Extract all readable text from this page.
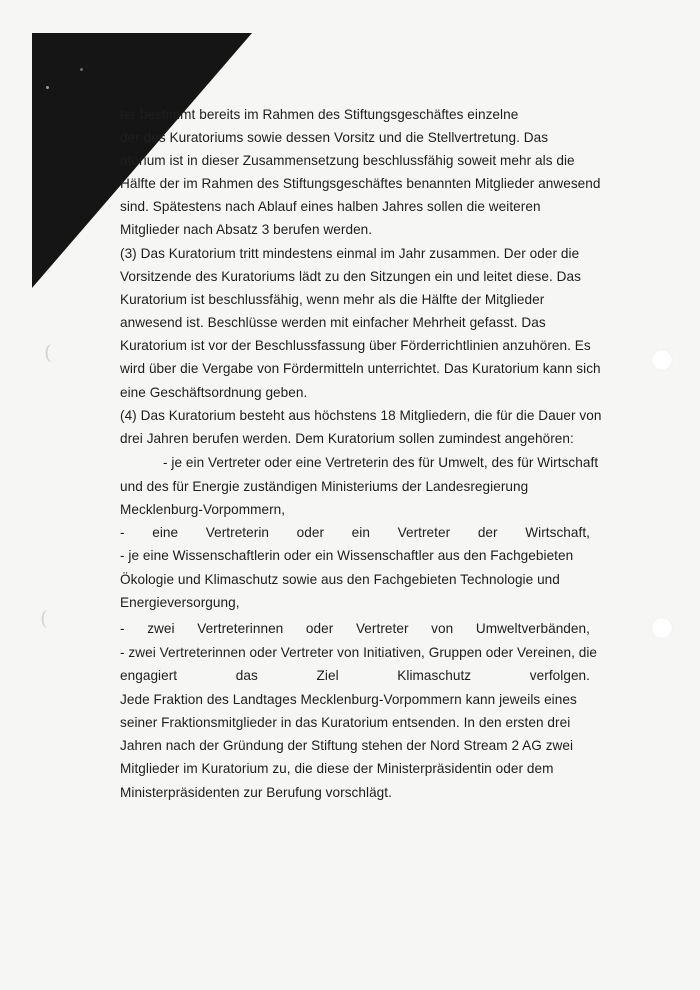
(
(
ter bestimmt bereits im Rahmen des Stiftungsgeschäftes einzelne
der des Kuratoriums sowie dessen Vorsitz und die Stellvertretung. Das
atorium ist in dieser Zusammensetzung beschlussfähig soweit mehr als die
Hälfte der im Rahmen des Stiftungsgeschäftes benannten Mitglieder anwesend
sind. Spätestens nach Ablauf eines halben Jahres sollen die weiteren
Mitglieder nach Absatz 3 berufen werden.
(3) Das Kuratorium tritt mindestens einmal im Jahr zusammen. Der oder die
Vorsitzende des Kuratoriums lädt zu den Sitzungen ein und leitet diese. Das
Kuratorium ist beschlussfähig, wenn mehr als die Hälfte der Mitglieder
anwesend ist. Beschlüsse werden mit einfacher Mehrheit gefasst. Das
Kuratorium ist vor der Beschlussfassung über Förderrichtlinien anzuhören. Es
wird über die Vergabe von Fördermitteln unterrichtet. Das Kuratorium kann sich
eine Geschäftsordnung geben.
(4) Das Kuratorium besteht aus höchstens 18 Mitgliedern, die für die Dauer von
drei Jahren berufen werden. Dem Kuratorium sollen zumindest angehören:
- je ein Vertreter oder eine Vertreterin des für Umwelt, des für Wirtschaft
und des für Energie zuständigen Ministeriums der Landesregierung
Mecklenburg-Vorpommern,
- eine Vertreterin oder ein Vertreter der Wirtschaft,
- je eine Wissenschaftlerin oder ein Wissenschaftler aus den Fachgebieten
Ökologie und Klimaschutz sowie aus den Fachgebieten Technologie und
Energieversorgung,
- zwei Vertreterinnen oder Vertreter von Umweltverbänden,
- zwei Vertreterinnen oder Vertreter von Initiativen, Gruppen oder Vereinen, die
engagiert	das	Ziel	Klimaschutz	verfolgen.
Jede Fraktion des Landtages Mecklenburg-Vorpommern kann jeweils eines
seiner Fraktionsmitglieder in das Kuratorium entsenden. In den ersten drei
Jahren nach der Gründung der Stiftung stehen der Nord Stream 2 AG zwei
Mitglieder im Kuratorium zu, die diese der Ministerpräsidentin oder dem
Ministerpräsidenten zur Berufung vorschlägt.
